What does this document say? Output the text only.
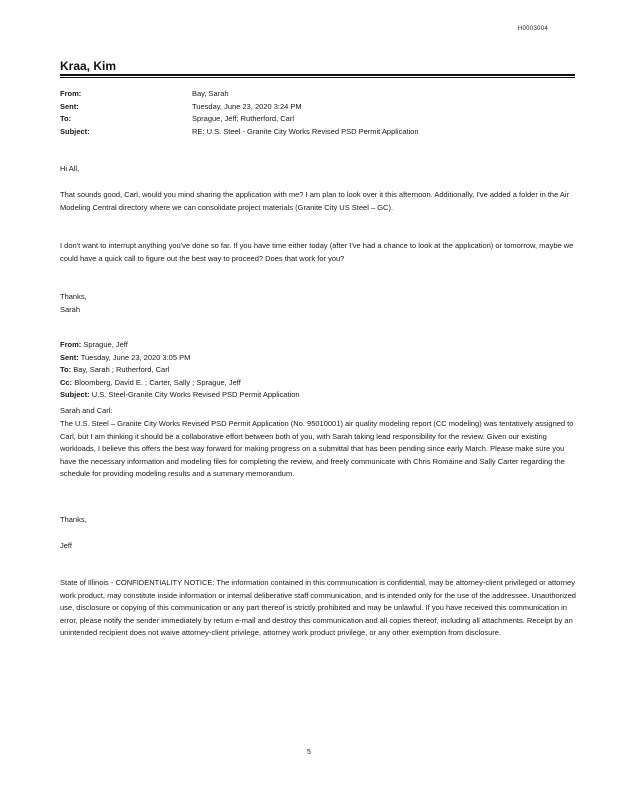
H0003004
Kraa, Kim
From:	Bay, Sarah
Sent:	Tuesday, June 23, 2020 3:24 PM
To:	Sprague, Jeff; Rutherford, Carl
Subject:	RE: U.S. Steel - Granite City Works Revised PSD Permit Application

Hi All,

That sounds good, Carl, would you mind sharing the application with me? I am plan to look over it this afternoon. Additionally, I've added a folder in the Air Modeling Central directory where we can consolidate project materials (Granite City US Steel – GC).

I don't want to interrupt anything you've done so far. If you have time either today (after I've had a chance to look at the application) or tomorrow, maybe we could have a quick call to figure out the best way to proceed? Does that work for you?

Thanks,

Sarah

From: Sprague, Jeff
Sent: Tuesday, June 23, 2020 3:05 PM
To: Bay, Sarah ; Rutherford, Carl
Cc: Bloomberg, David E. ; Carter, Sally ; Sprague, Jeff
Subject: U.S. Steel-Granite City Works Revised PSD Permit Application

Sarah and Carl:

The U.S. Steel – Granite City Works Revised PSD Permit Application (No. 95010001) air quality modeling report (CC modeling) was tentatively assigned to Carl, but I am thinking it should be a collaborative effort between both of you, with Sarah taking lead responsibility for the review. Given our existing workloads, I believe this offers the best way forward for making progress on a submittal that has been pending since early March. Please make sure you have the necessary information and modeling files for completing the review, and freely communicate with Chris Romaine and Sally Carter regarding the schedule for providing modeling results and a summary memorandum.

Thanks,

Jeff

State of Illinois - CONFIDENTIALITY NOTICE: The information contained in this communication is confidential, may be attorney-client privileged or attorney work product, may constitute inside information or internal deliberative staff communication, and is intended only for the use of the addressee. Unauthorized use, disclosure or copying of this communication or any part thereof is strictly prohibited and may be unlawful. If you have received this communication in error, please notify the sender immediately by return e-mail and destroy this communication and all copies thereof, including all attachments. Receipt by an unintended recipient does not waive attorney-client privilege, attorney work product privilege, or any other exemption from disclosure.

5
